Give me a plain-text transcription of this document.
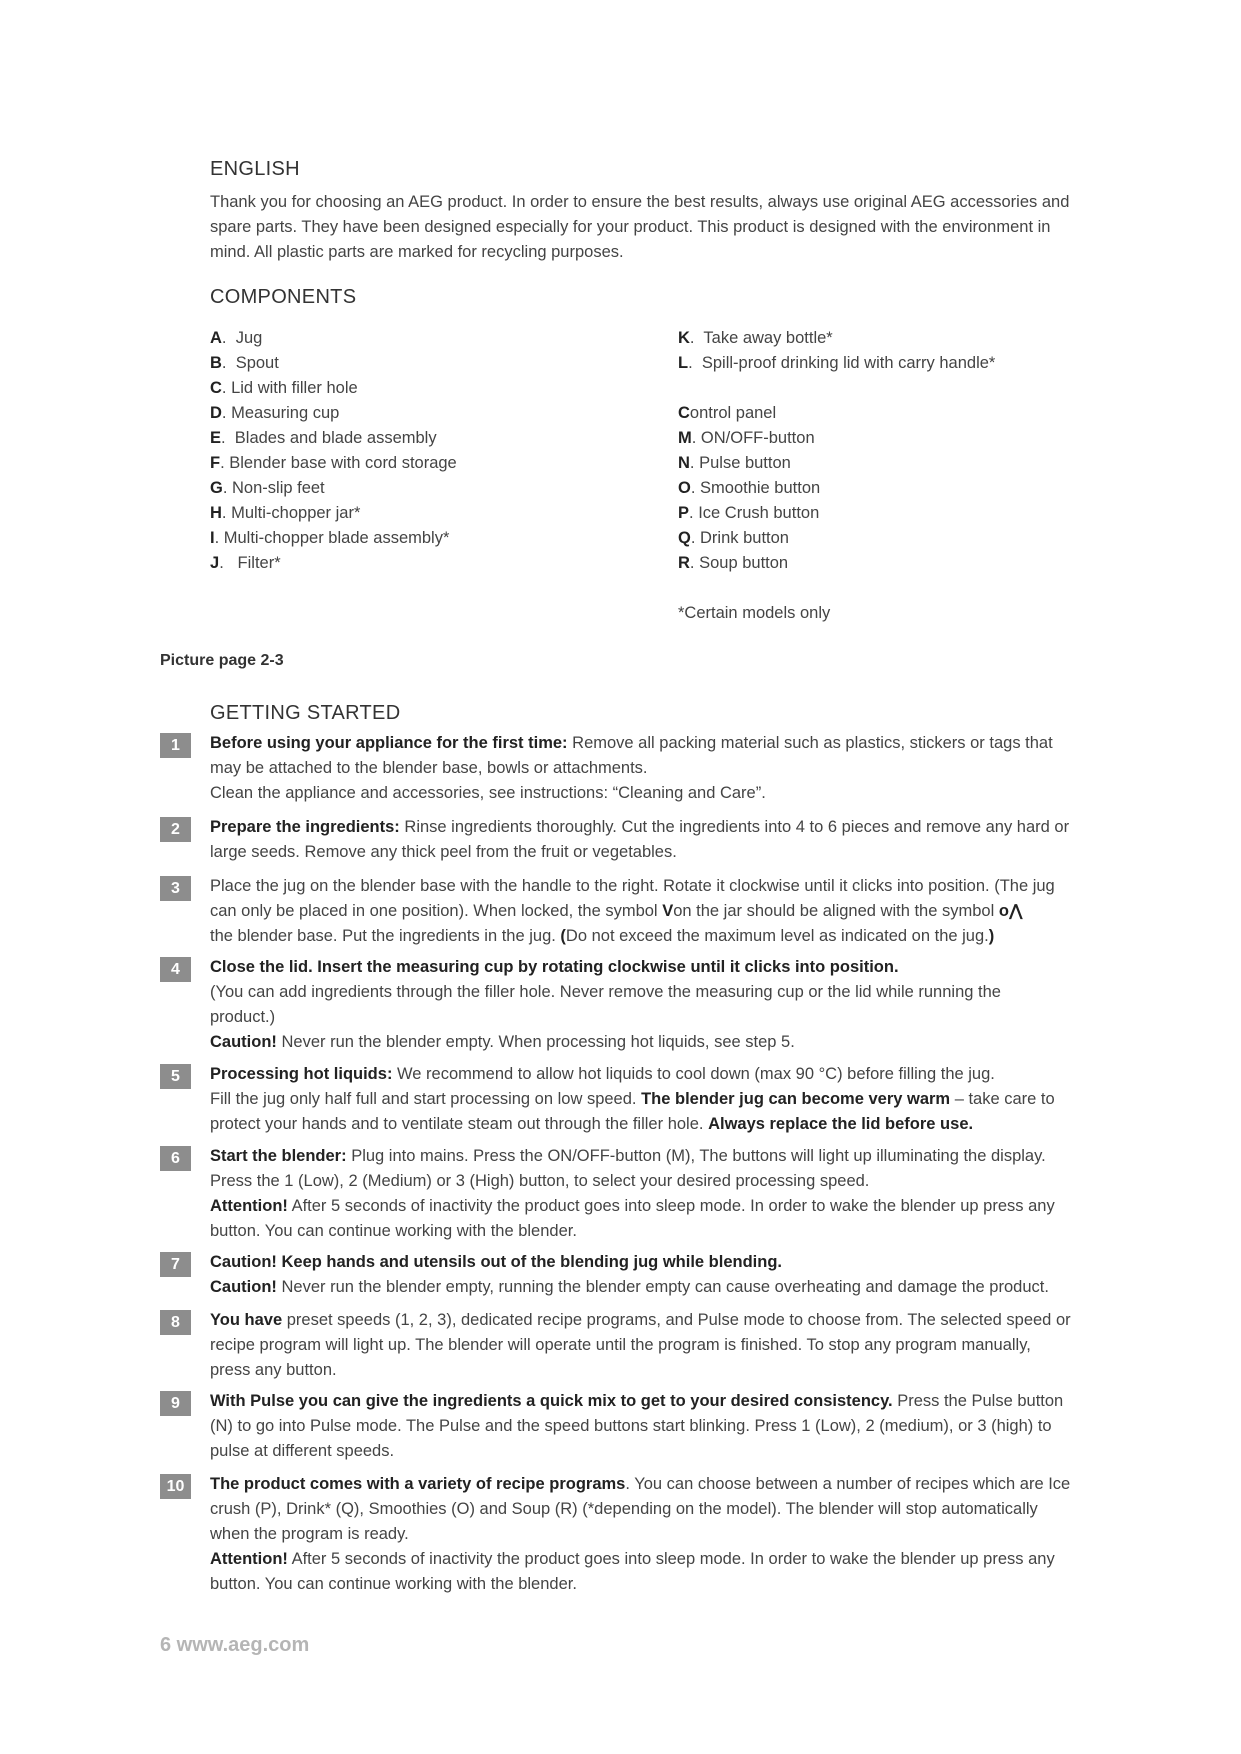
ENGLISH
Thank you for choosing an AEG product. In order to ensure the best results, always use original AEG accessories and
spare parts. They have been designed especially for your product. This product is designed with the environment in
mind. All plastic parts are marked for recycling purposes.
COMPONENTS
A.  Jug
B.  Spout
C. Lid with filler hole
D. Measuring cup
E.  Blades and blade assembly
F. Blender base with cord storage
G. Non-slip feet
H. Multi-chopper jar*
I. Multi-chopper blade assembly*
J.   Filter*
K.  Take away bottle*
L.  Spill-proof drinking lid with carry handle*
Control panel
M. ON/OFF-button
N. Pulse button
O. Smoothie button
P. Ice Crush button
Q. Drink button
R. Soup button
*Certain models only
Picture page 2-3
GETTING STARTED
1	Before using your appliance for the first time: Remove all packing material such as plastics, stickers or tags that
may be attached to the blender base, bowls or attachments.
Clean the appliance and accessories, see instructions: “Cleaning and Care”.
2	Prepare the ingredients: Rinse ingredients thoroughly. Cut the ingredients into 4 to 6 pieces and remove any hard or
large seeds. Remove any thick peel from the fruit or vegetables.
3	Place the jug on the blender base with the handle to the right. Rotate it clockwise until it clicks into position. (The jug
can only be placed in one position). When locked, the symbol Von the jar should be aligned with the symbol o⋀
the blender base. Put the ingredients in the jug. (Do not exceed the maximum level as indicated on the jug.)
4	Close the lid. Insert the measuring cup by rotating clockwise until it clicks into position.
(You can add ingredients through the filler hole. Never remove the measuring cup or the lid while running the
product.)
Caution! Never run the blender empty. When processing hot liquids, see step 5.
5	Processing hot liquids: We recommend to allow hot liquids to cool down (max 90 °C) before filling the jug.
Fill the jug only half full and start processing on low speed. The blender jug can become very warm – take care to
protect your hands and to ventilate steam out through the filler hole. Always replace the lid before use.
6	Start the blender: Plug into mains. Press the ON/OFF-button (M), The buttons will light up illuminating the display.
Press the 1 (Low), 2 (Medium) or 3 (High) button, to select your desired processing speed.
Attention! After 5 seconds of inactivity the product goes into sleep mode. In order to wake the blender up press any
button. You can continue working with the blender.
7	Caution! Keep hands and utensils out of the blending jug while blending.
Caution! Never run the blender empty, running the blender empty can cause overheating and damage the product.
8	You have preset speeds (1, 2, 3), dedicated recipe programs, and Pulse mode to choose from. The selected speed or
recipe program will light up. The blender will operate until the program is finished. To stop any program manually,
press any button.
9	With Pulse you can give the ingredients a quick mix to get to your desired consistency. Press the Pulse button
(N) to go into Pulse mode. The Pulse and the speed buttons start blinking. Press 1 (Low), 2 (medium), or 3 (high) to
pulse at different speeds.
10	The product comes with a variety of recipe programs. You can choose between a number of recipes which are Ice
crush (P), Drink* (Q), Smoothies (O) and Soup (R) (*depending on the model). The blender will stop automatically
when the program is ready.
Attention! After 5 seconds of inactivity the product goes into sleep mode. In order to wake the blender up press any
button. You can continue working with the blender.
6 www.aeg.com
